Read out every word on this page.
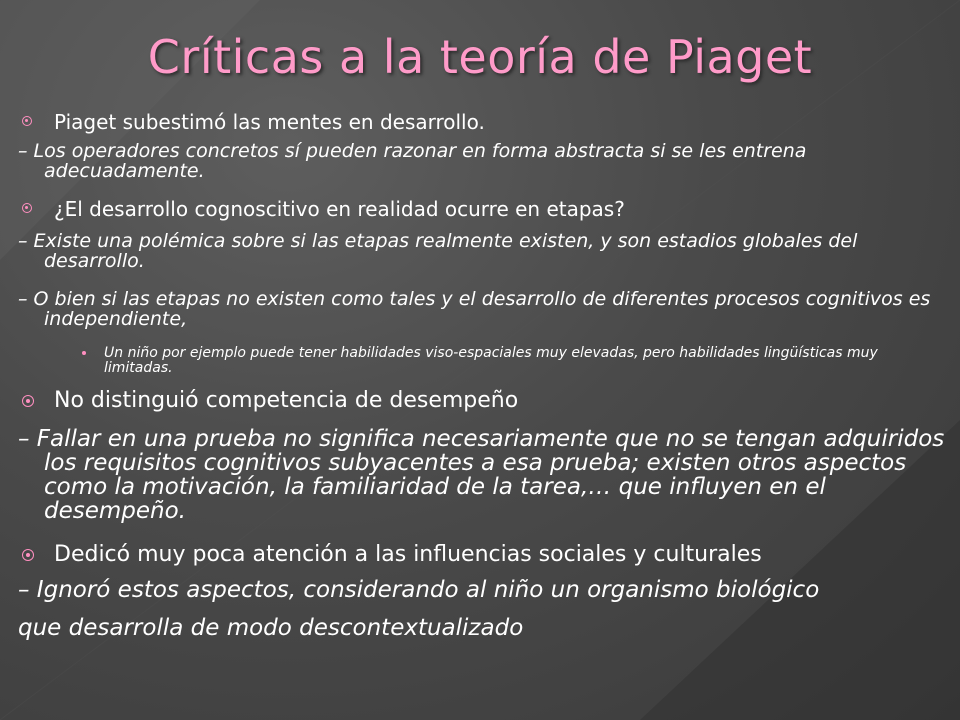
Críticas a la teoría de Piaget
Piaget subestimó las mentes en desarrollo.
– Los operadores concretos sí pueden razonar en forma abstracta si se les entrena adecuadamente.
¿El desarrollo cognoscitivo en realidad ocurre en etapas?
– Existe una polémica sobre si las etapas realmente existen, y son estadios globales del desarrollo.
– O bien si las etapas no existen como tales y el desarrollo de diferentes procesos cognitivos es independiente,
Un niño por ejemplo puede tener habilidades viso-espaciales muy elevadas, pero habilidades lingüísticas muy limitadas.
No distinguió competencia de desempeño
– Fallar en una prueba no significa necesariamente que no se tengan adquiridos los requisitos cognitivos subyacentes a esa prueba; existen otros aspectos como la motivación, la familiaridad de la tarea,… que influyen en el desempeño.
Dedicó muy poca atención a las influencias sociales y culturales
– Ignoró estos aspectos, considerando al niño un organismo biológico
que desarrolla de modo descontextualizado
